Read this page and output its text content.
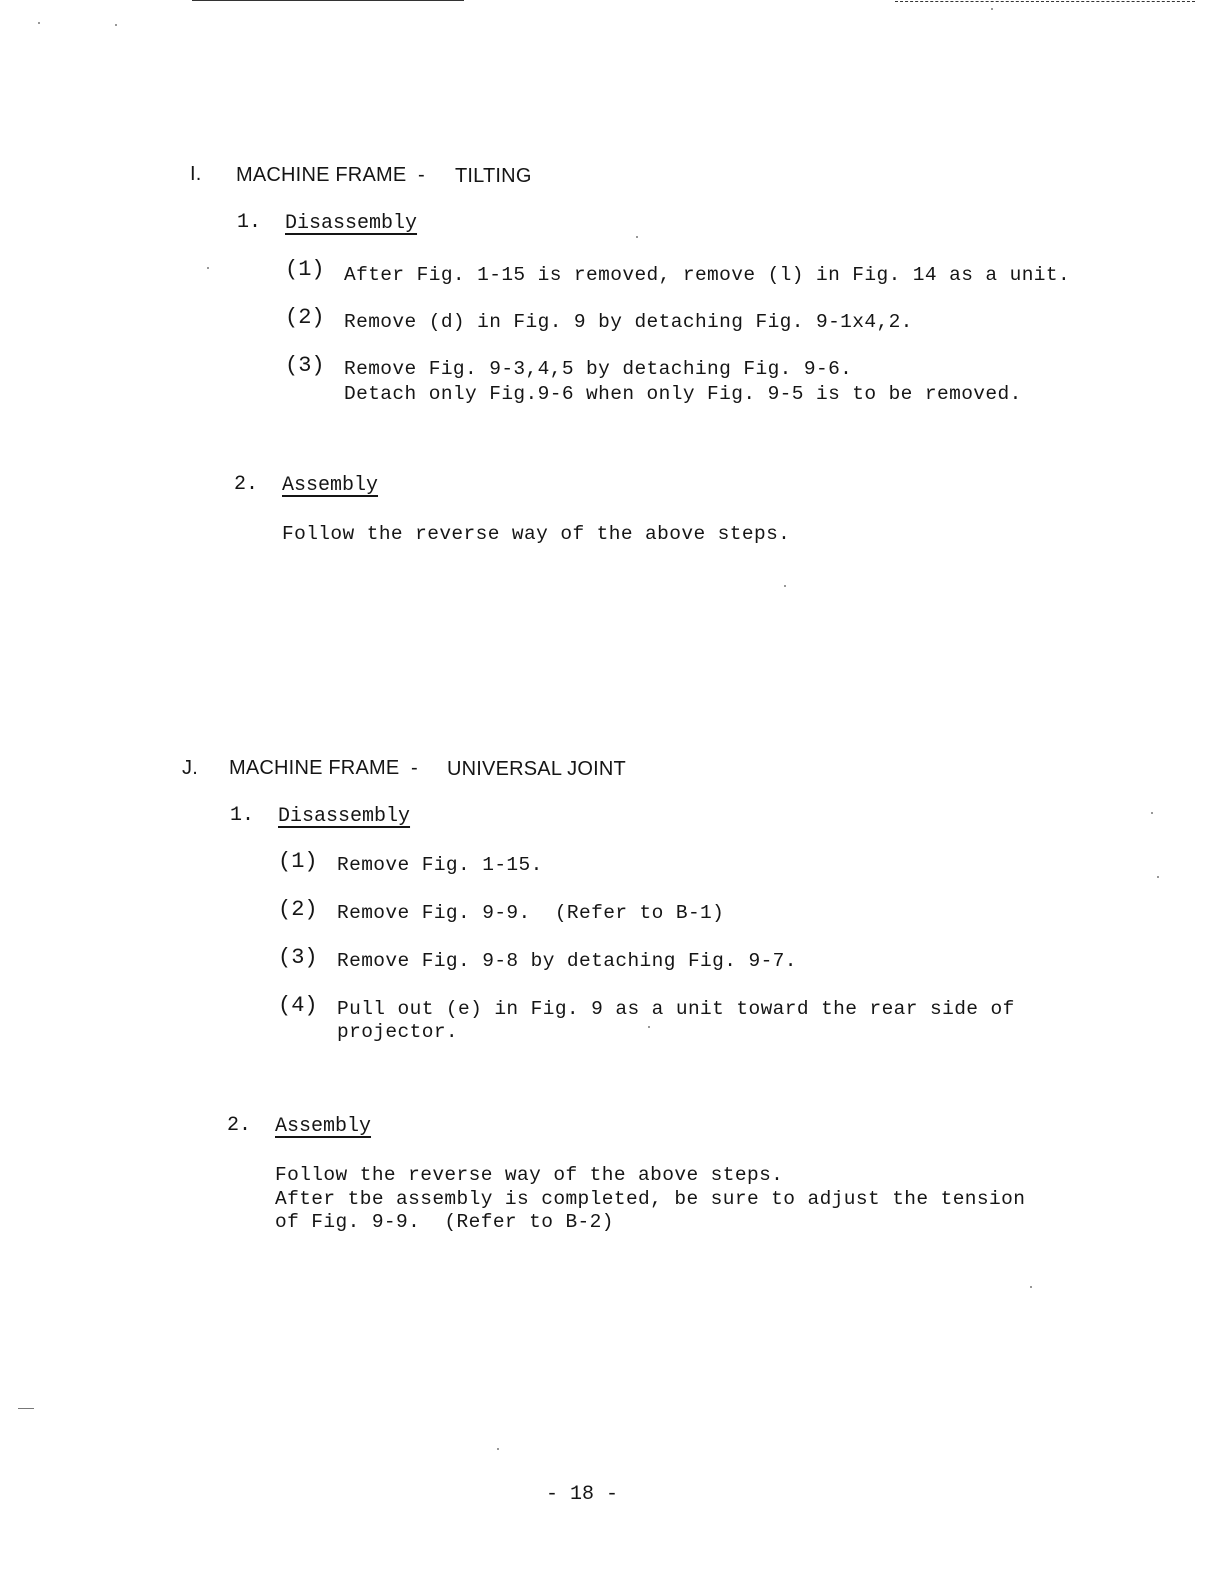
I. MACHINE FRAME - TILTING
1. Disassembly
(1) After Fig. 1-15 is removed, remove (l) in Fig. 14 as a unit.
(2) Remove (d) in Fig. 9 by detaching Fig. 9-1x4,2.
(3) Remove Fig. 9-3,4,5 by detaching Fig. 9-6.
Detach only Fig.9-6 when only Fig. 9-5 is to be removed.
2. Assembly
Follow the reverse way of the above steps.
J. MACHINE FRAME - UNIVERSAL JOINT
1. Disassembly
(1) Remove Fig. 1-15.
(2) Remove Fig. 9-9.  (Refer to B-1)
(3) Remove Fig. 9-8 by detaching Fig. 9-7.
(4) Pull out (e) in Fig. 9 as a unit toward the rear side of
projector.
2. Assembly
Follow the reverse way of the above steps.
After tbe assembly is completed, be sure to adjust the tension
of Fig. 9-9.  (Refer to B-2)
- 18 -
